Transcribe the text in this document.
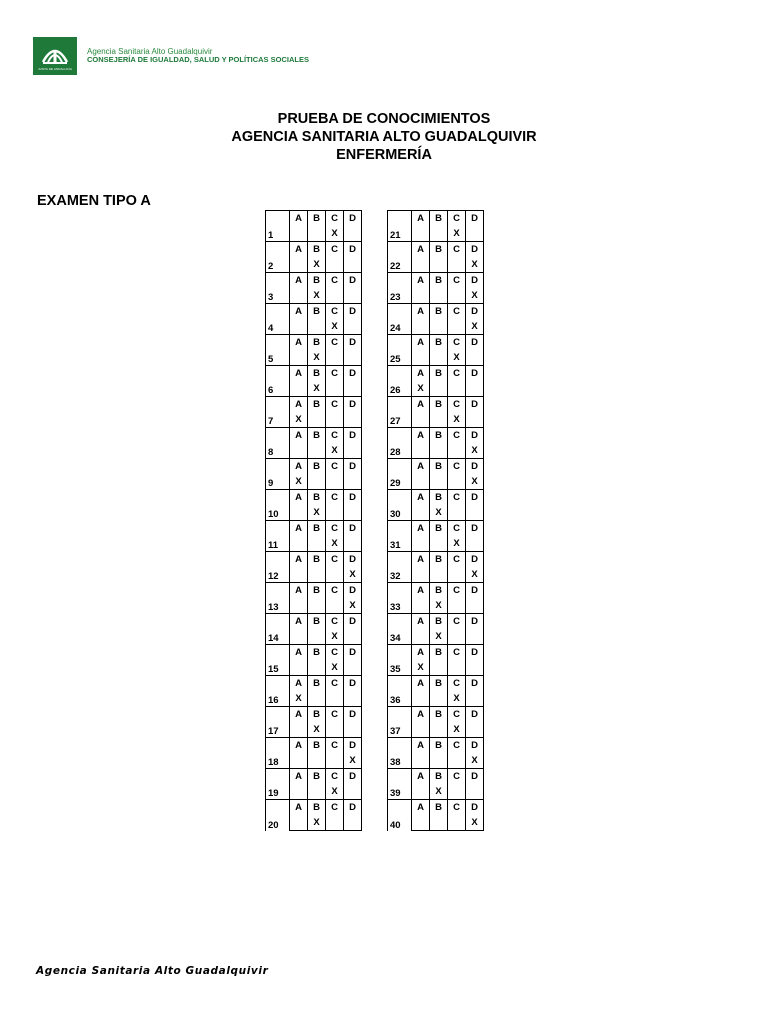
JUNTA DE ANDALUCIA
Agencia Sanitaria Alto Guadalquivir
CONSEJERÍA DE IGUALDAD, SALUD Y POLÍTICAS SOCIALES
PRUEBA DE CONOCIMIENTOS
AGENCIA SANITARIA ALTO GUADALQUIVIR
ENFERMERÍA
EXAMEN TIPO A
1	A	B	C	D
			X	
2	A	B	C	D
		X		
3	A	B	C	D
		X		
4	A	B	C	D
			X	
5	A	B	C	D
		X		
6	A	B	C	D
		X		
7	A	B	C	D
	X			
8	A	B	C	D
			X	
9	A	B	C	D
	X			
10	A	B	C	D
		X		
11	A	B	C	D
			X	
12	A	B	C	D
				X
13	A	B	C	D
				X
14	A	B	C	D
			X	
15	A	B	C	D
			X	
16	A	B	C	D
	X			
17	A	B	C	D
		X		
18	A	B	C	D
				X
19	A	B	C	D
			X	
20	A	B	C	D
		X		
21	A	B	C	D
			X	
22	A	B	C	D
				X
23	A	B	C	D
				X
24	A	B	C	D
				X
25	A	B	C	D
			X	
26	A	B	C	D
	X			
27	A	B	C	D
			X	
28	A	B	C	D
				X
29	A	B	C	D
				X
30	A	B	C	D
		X		
31	A	B	C	D
			X	
32	A	B	C	D
				X
33	A	B	C	D
		X		
34	A	B	C	D
		X		
35	A	B	C	D
	X			
36	A	B	C	D
			X	
37	A	B	C	D
			X	
38	A	B	C	D
				X
39	A	B	C	D
		X		
40	A	B	C	D
				X
Agencia Sanitaria Alto Guadalquivir
